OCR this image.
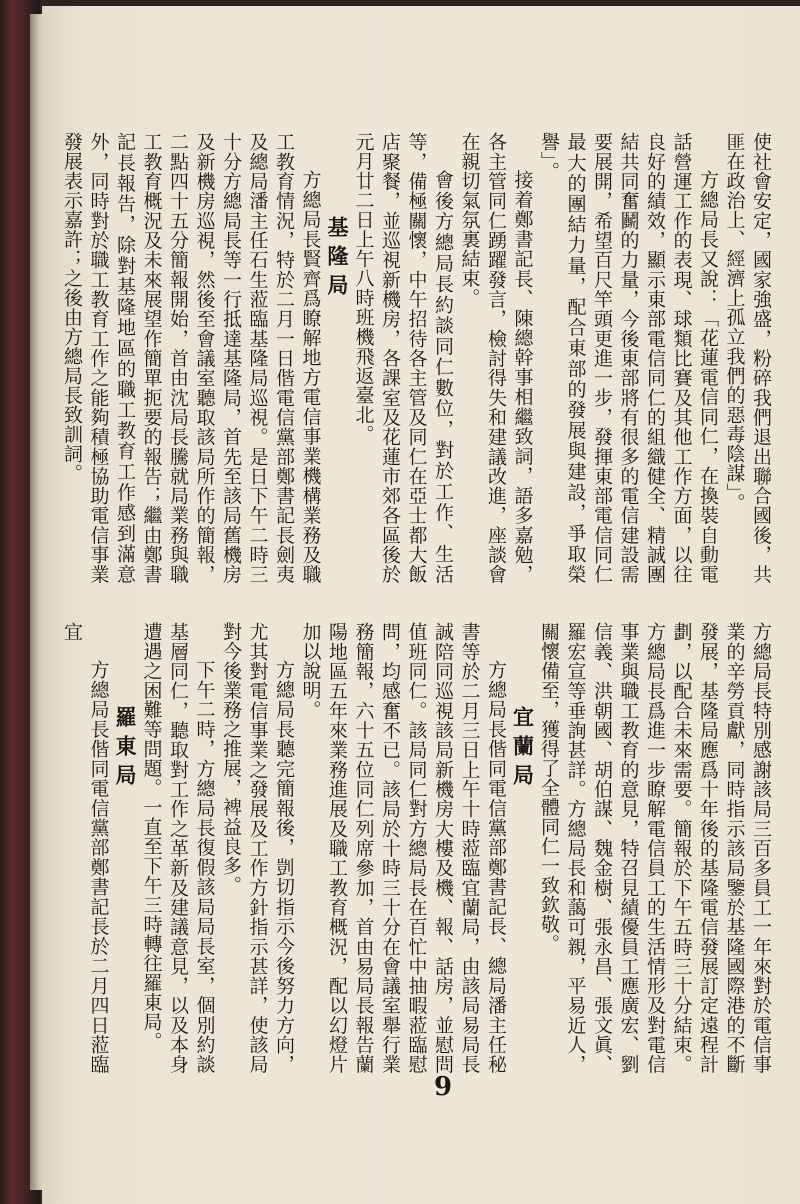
使社會安定，國家強盛，粉碎我們退出聯合國後，共匪在政治上、經濟上孤立我們的惡毒陰謀」。

方總局長又說：「花蓮電信同仁，在換裝自動電話營運工作的表現、球類比賽及其他工作方面，以往良好的績效，顯示東部電信同仁的組織健全、精誠團結共同奮鬭的力量，今後東部將有很多的電信建設需要展開，希望百尺竿頭更進一步，發揮東部電信同仁最大的團結力量，配合東部的發展與建設，爭取榮譽」。

接着鄭書記長、陳總幹事相繼致詞，語多嘉勉，各主管同仁踴躍發言，檢討得失和建議改進，座談會在親切氣氛裏結束。

會後方總局長約談同仁數位，對於工作、生活等，備極關懷，中午招待各主管及同仁在亞士都大飯店聚餐，並巡視新機房，各課室及花蓮市郊各區後於元月廿二日上午八時班機飛返臺北。

基隆局

方總局長賢齊爲瞭解地方電信事業機構業務及職工教育情況，特於二月一日偕電信黨部鄭書記長劍夷及總局潘主任石生蒞臨基隆局巡視。是日下午二時三十分方總局長等一行抵達基隆局，首先至該局舊機房及新機房巡視，然後至會議室聽取該局所作的簡報，二點四十五分簡報開始，首由沈局長騰就局業務與職工教育概況及未來展望作簡單扼要的報告；繼由鄭書記長報告，除對基隆地區的職工教育工作感到滿意外，同時對於職工教育工作之能夠積極協助電信事業發展表示嘉許；之後由方總局長致訓詞。

方總局長特別感謝該局三百多員工一年來對於電信事業的辛勞貢獻，同時指示該局鑒於基隆國際港的不斷發展，基隆局應爲十年後的基隆電信發展訂定遠程計劃，以配合未來需要。簡報於下午五時三十分結束。方總局長爲進一步瞭解電信員工的生活情形及對電信事業與職工教育的意見，特召見績優員工應廣宏、劉信義、洪朝國、胡伯謀、魏金樹、張永昌、張文眞、羅宏宣等垂詢甚詳。方總局長和藹可親，平易近人，關懷備至，獲得了全體同仁一致欽敬。

宜蘭局

方總局長偕同電信黨部鄭書記長、總局潘主任秘書等於二月三日上午十時蒞臨宜蘭局，由該局易局長誠陪同巡視該局新機房大樓及機、報、話房，並慰問值班同仁。該局同仁對方總局長在百忙中抽暇蒞臨慰問，均感奮不已。該局於十時三十分在會議室舉行業務簡報，六十五位同仁列席參加，首由易局長報告蘭陽地區五年來業務進展及職工教育概況，配以幻燈片加以說明。

方總局長聽完簡報後，剴切指示今後努力方向，尤其對電信事業之發展及工作方針指示甚詳，使該局對今後業務之推展，裨益良多。

下午二時，方總局長復假該局局長室，個別約談基層同仁，聽取對工作之革新及建議意見，以及本身遭遇之困難等問題。一直至下午三時轉往羅東局。

羅東局

方總局長偕同電信黨部鄭書記長於二月四日蒞臨宜

9
